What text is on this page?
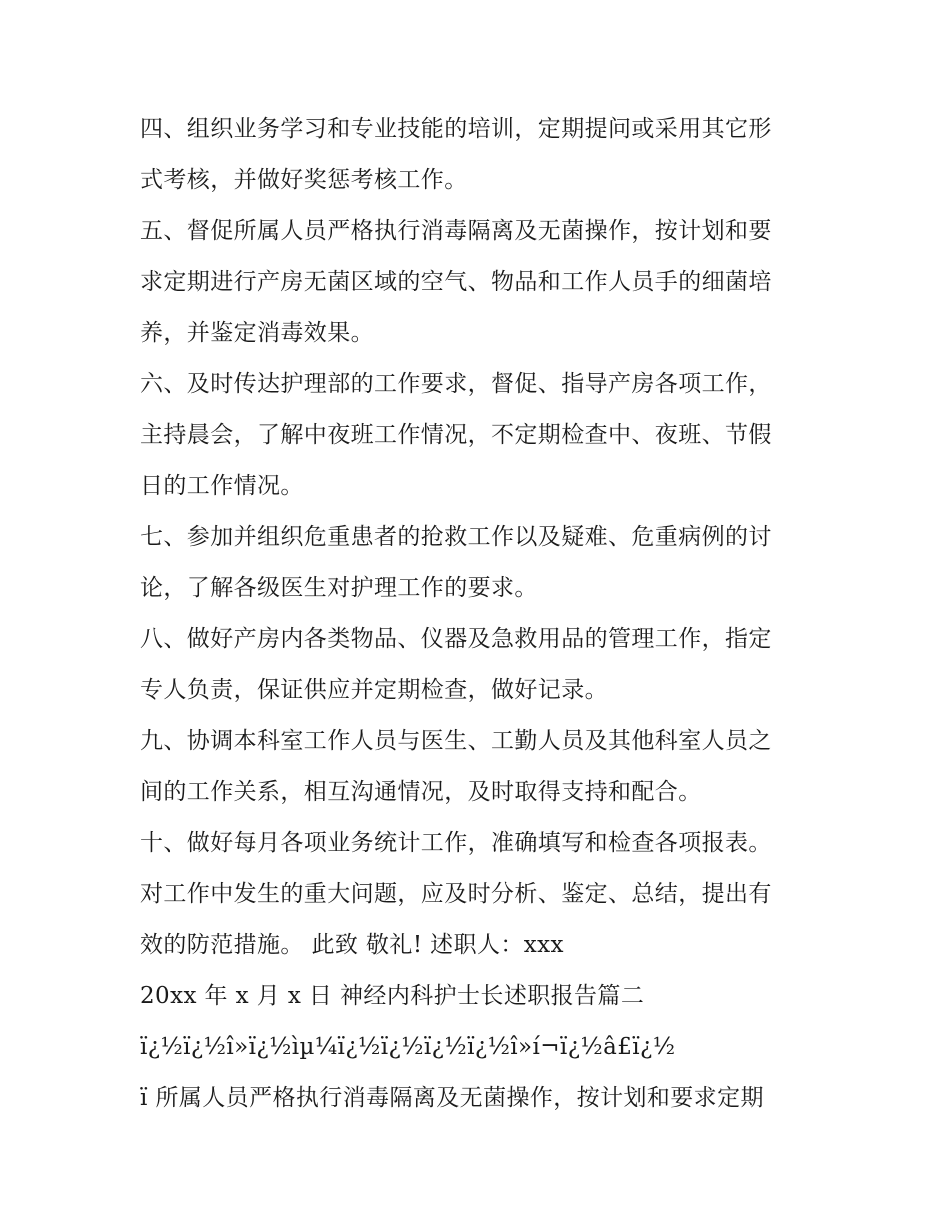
四、组织业务学习和专业技能的培训，定期提问或采用其它形
式考核，并做好奖惩考核工作。
五、督促所属人员严格执行消毒隔离及无菌操作，按计划和要
求定期进行产房无菌区域的空气、物品和工作人员手的细菌培
养，并鉴定消毒效果。
六、及时传达护理部的工作要求，督促、指导产房各项工作，
主持晨会，了解中夜班工作情况，不定期检查中、夜班、节假
日的工作情况。
七、参加并组织危重患者的抢救工作以及疑难、危重病例的讨
论，了解各级医生对护理工作的要求。
八、做好产房内各类物品、仪器及急救用品的管理工作，指定
专人负责，保证供应并定期检查，做好记录。
九、协调本科室工作人员与医生、工勤人员及其他科室人员之
间的工作关系，相互沟通情况，及时取得支持和配合。
十、做好每月各项业务统计工作，准确填写和检查各项报表。
对工作中发生的重大问题，应及时分析、鉴定、总结，提出有
效的防范措施。 此致 敬礼! 述职人：xxx
20xx 年 x 月 x 日 神经内科护士长述职报告篇二
ï¿½ï¿½î»ï¿½ìµ¼ï¿½ï¿½ï¿½ï¿½î»í¬ï¿½â£ï¿½
ï 所属人员严格执行消毒隔离及无菌操作，按计划和要求定期
